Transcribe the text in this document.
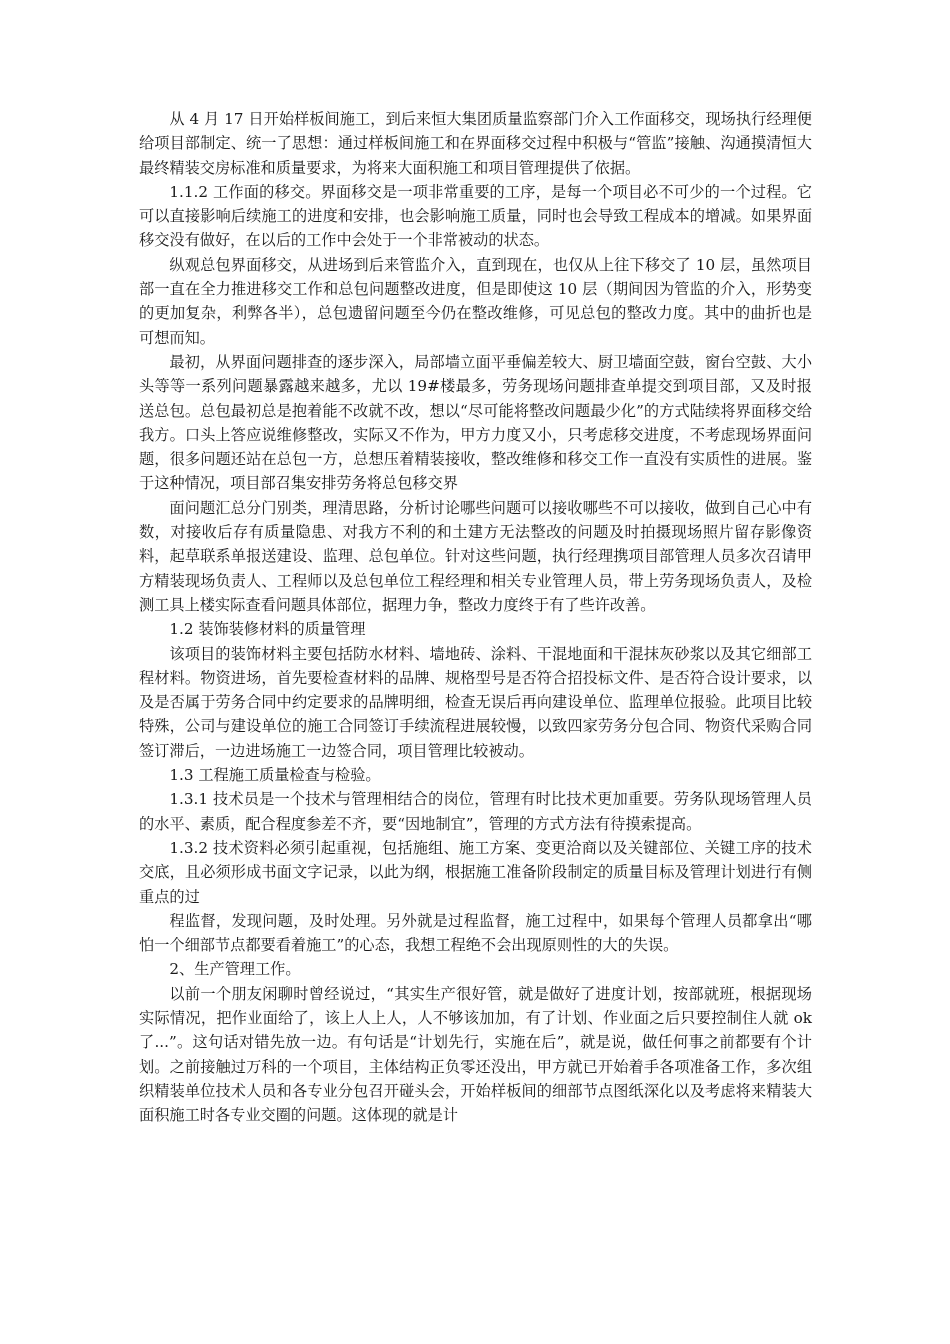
从 4 月 17 日开始样板间施工，到后来恒大集团质量监察部门介入工作面移交，现场执行经理便给项目部制定、统一了思想：通过样板间施工和在界面移交过程中积极与“管监”接触、沟通摸清恒大最终精装交房标准和质量要求，为将来大面积施工和项目管理提供了依据。

1.1.2 工作面的移交。界面移交是一项非常重要的工序，是每一个项目必不可少的一个过程。它可以直接影响后续施工的进度和安排，也会影响施工质量，同时也会导致工程成本的增减。如果界面移交没有做好，在以后的工作中会处于一个非常被动的状态。

纵观总包界面移交，从进场到后来管监介入，直到现在，也仅从上往下移交了 10 层，虽然项目部一直在全力推进移交工作和总包问题整改进度，但是即使这 10 层（期间因为管监的介入，形势变的更加复杂，利弊各半），总包遗留问题至今仍在整改维修，可见总包的整改力度。其中的曲折也是可想而知。

最初，从界面问题排查的逐步深入，局部墙立面平垂偏差较大、厨卫墙面空鼓，窗台空鼓、大小头等等一系列问题暴露越来越多，尤以 19#楼最多，劳务现场问题排查单提交到项目部，又及时报送总包。总包最初总是抱着能不改就不改，想以“尽可能将整改问题最少化”的方式陆续将界面移交给我方。口头上答应说维修整改，实际又不作为，甲方力度又小，只考虑移交进度，不考虑现场界面问题，很多问题还站在总包一方，总想压着精装接收，整改维修和移交工作一直没有实质性的进展。鉴于这种情况，项目部召集安排劳务将总包移交界

面问题汇总分门别类，理清思路，分析讨论哪些问题可以接收哪些不可以接收，做到自己心中有数，对接收后存有质量隐患、对我方不利的和土建方无法整改的问题及时拍摄现场照片留存影像资料，起草联系单报送建设、监理、总包单位。针对这些问题，执行经理携项目部管理人员多次召请甲方精装现场负责人、工程师以及总包单位工程经理和相关专业管理人员，带上劳务现场负责人，及检测工具上楼实际查看问题具体部位，据理力争，整改力度终于有了些许改善。

1.2 装饰装修材料的质量管理

该项目的装饰材料主要包括防水材料、墙地砖、涂料、干混地面和干混抹灰砂浆以及其它细部工程材料。物资进场，首先要检查材料的品牌、规格型号是否符合招投标文件、是否符合设计要求，以及是否属于劳务合同中约定要求的品牌明细，检查无误后再向建设单位、监理单位报验。此项目比较特殊，公司与建设单位的施工合同签订手续流程进展较慢，以致四家劳务分包合同、物资代采购合同签订滞后，一边进场施工一边签合同，项目管理比较被动。

1.3 工程施工质量检查与检验。

1.3.1 技术员是一个技术与管理相结合的岗位，管理有时比技术更加重要。劳务队现场管理人员的水平、素质，配合程度参差不齐，要“因地制宜”，管理的方式方法有待摸索提高。

1.3.2 技术资料必须引起重视，包括施组、施工方案、变更洽商以及关键部位、关键工序的技术交底，且必须形成书面文字记录，以此为纲，根据施工准备阶段制定的质量目标及管理计划进行有侧重点的过

程监督，发现问题，及时处理。另外就是过程监督，施工过程中，如果每个管理人员都拿出“哪怕一个细部节点都要看着施工”的心态，我想工程绝不会出现原则性的大的失误。

2、生产管理工作。

以前一个朋友闲聊时曾经说过，“其实生产很好管，就是做好了进度计划，按部就班，根据现场实际情况，把作业面给了，该上人上人，人不够该加加，有了计划、作业面之后只要控制住人就 ok 了...”。这句话对错先放一边。有句话是“计划先行，实施在后”，就是说，做任何事之前都要有个计划。之前接触过万科的一个项目，主体结构正负零还没出，甲方就已开始着手各项准备工作，多次组织精装单位技术人员和各专业分包召开碰头会，开始样板间的细部节点图纸深化以及考虑将来精装大面积施工时各专业交圈的问题。这体现的就是计
